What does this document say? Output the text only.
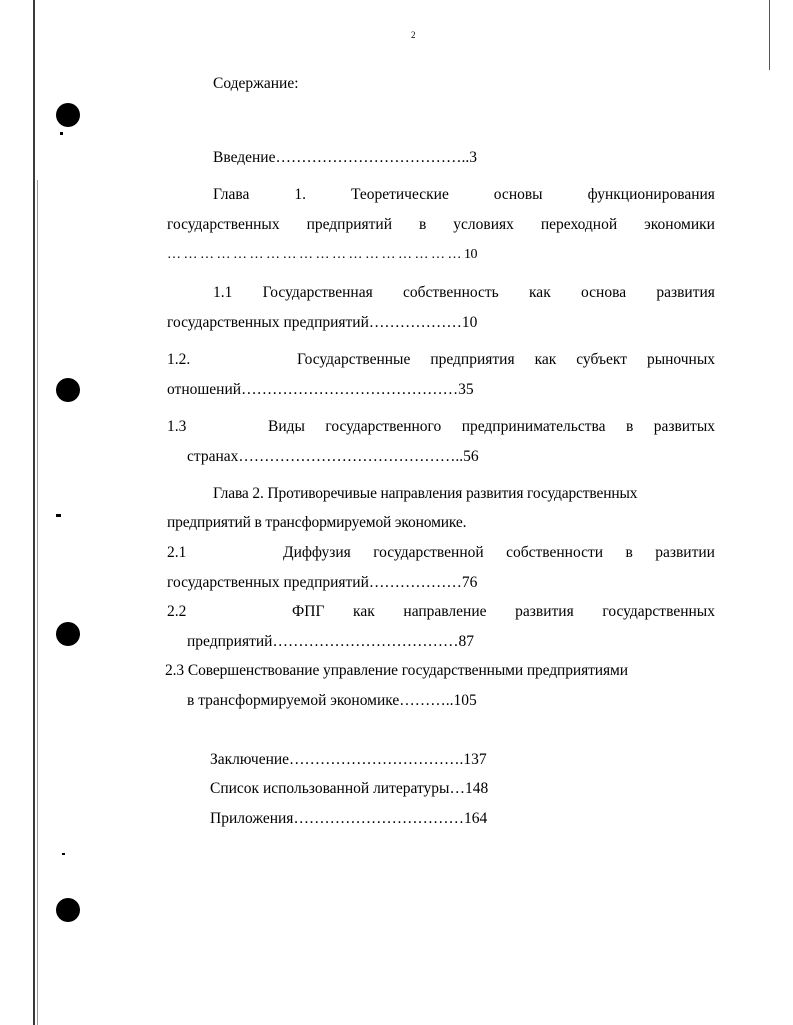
2
Содержание:
Введение………………………………..3
Глава	1.	Теоретические	основы	функционирования
государственных предприятий в условиях переходной экономики
… … … … … … … … … … … … … … … … … … 10
1.1 Государственная собственность как основа развития
государственных предприятий………………10
1.2.	Государственные предприятия как субъект рыночных
отношений……………………………………35
1.3	Виды государственного предпринимательства в развитых
странах……………………………………..56
Глава 2. Противоречивые направления развития государственных
предприятий в трансформируемой экономике.
2.1	Диффузия государственной собственности в развитии
государственных предприятий………………76
2.2	ФПГ как направление развития государственных
предприятий………………………………87
2.3 Совершенствование управление государственными предприятиями
в трансформируемой экономике………..105
Заключение…………………………….137
Список использованной литературы…148
Приложения……………………………164
